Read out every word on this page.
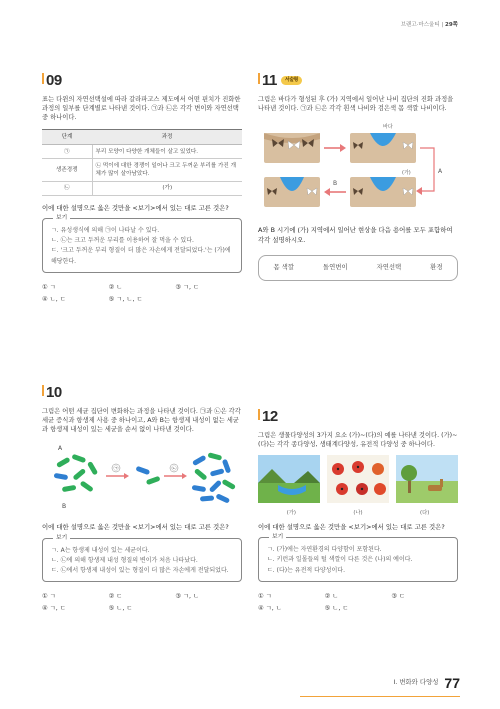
브랜고·마스울티 | 29쪽
09
표는 다윈의 자연선택설에 따라 갈라파고스 제도에서 어떤 핀치가 진화한 과정의 일부를 단계별로 나타낸 것이다. ㉠과 ㉡은 각각 변이와 자연선택 중 하나이다.
단계	과정
㉠	부리 모양이 다양한 개체들이 살고 있었다.
생존경쟁	㉡ 먹이에 대한 경쟁이 일어나 크고 두꺼운 부리를 가진 개체가 많이 살아남았다.
㉡	(가)
이에 대한 설명으로 옳은 것만을 <보기>에서 있는 대로 고른 것은?
보기
ㄱ. 유성생식에 의해 ㉠이 나타날 수 있다.
ㄴ. ㉡는 크고 두꺼운 부리를 이용하여 잘 먹을 수 있다.
ㄷ. '크고 두꺼운 부리 형질이 더 많은 자손에게 전달되었다.'는 (가)에 해당한다.
① ㄱ	② ㄴ	③ ㄱ, ㄷ
④ ㄴ, ㄷ	⑤ ㄱ, ㄴ, ㄷ
11 서술형
그림은 바다가 형성된 후 (가) 지역에서 일어난 나비 집단의 진화 과정을 나타낸 것이다. ㉠과 ㉡은 각각 흰색 나비와 검은색 몸 색깔 나비이다.
바다
A
(가)
B
A와 B 시기에 (가) 지역에서 일어난 현상을 다음 용어를 모두 포함하여 각각 설명하시오.
몸 색깔	돌연변이	자연선택	환경
10
그림은 어떤 세균 집단이 변화하는 과정을 나타낸 것이다. ㉠과 ㉡은 각각 세균 증식과 항생제 사용 중 하나이고, A와 B는 항생제 내성이 없는 세균과 항생제 내성이 있는 세균을 순서 없이 나타낸 것이다.
A
B
㉠	㉡
이에 대한 설명으로 옳은 것만을 <보기>에서 있는 대로 고른 것은?
보기
ㄱ. A는 항생제 내성이 있는 세균이다.
ㄴ. ㉡에 의해 항생제 내성 형질의 변이가 처음 나타났다.
ㄷ. ㉡에서 항생제 내성이 있는 형질이 더 많은 자손에게 전달되었다.
① ㄱ	② ㄷ	③ ㄱ, ㄴ
④ ㄱ, ㄷ	⑤ ㄴ, ㄷ
12
그림은 생물다양성의 3가지 요소 (가)~(다)의 예를 나타낸 것이다. (가)~(다)는 각각 종다양성, 생태계다양성, 유전적 다양성 중 하나이다.
(가)	(나)	(다)
이에 대한 설명으로 옳은 것만을 <보기>에서 있는 대로 고른 것은?
보기
ㄱ. (가)에는 자연환경의 다양함이 포함된다.
ㄴ. 키런과 일몰들의 털 색깔이 다른 것은 (나)의 예이다.
ㄷ. (다)는 유전적 다양성이다.
① ㄱ	② ㄴ	③ ㄷ
④ ㄱ, ㄴ	⑤ ㄴ, ㄷ
I. 변화와 다양성 77
